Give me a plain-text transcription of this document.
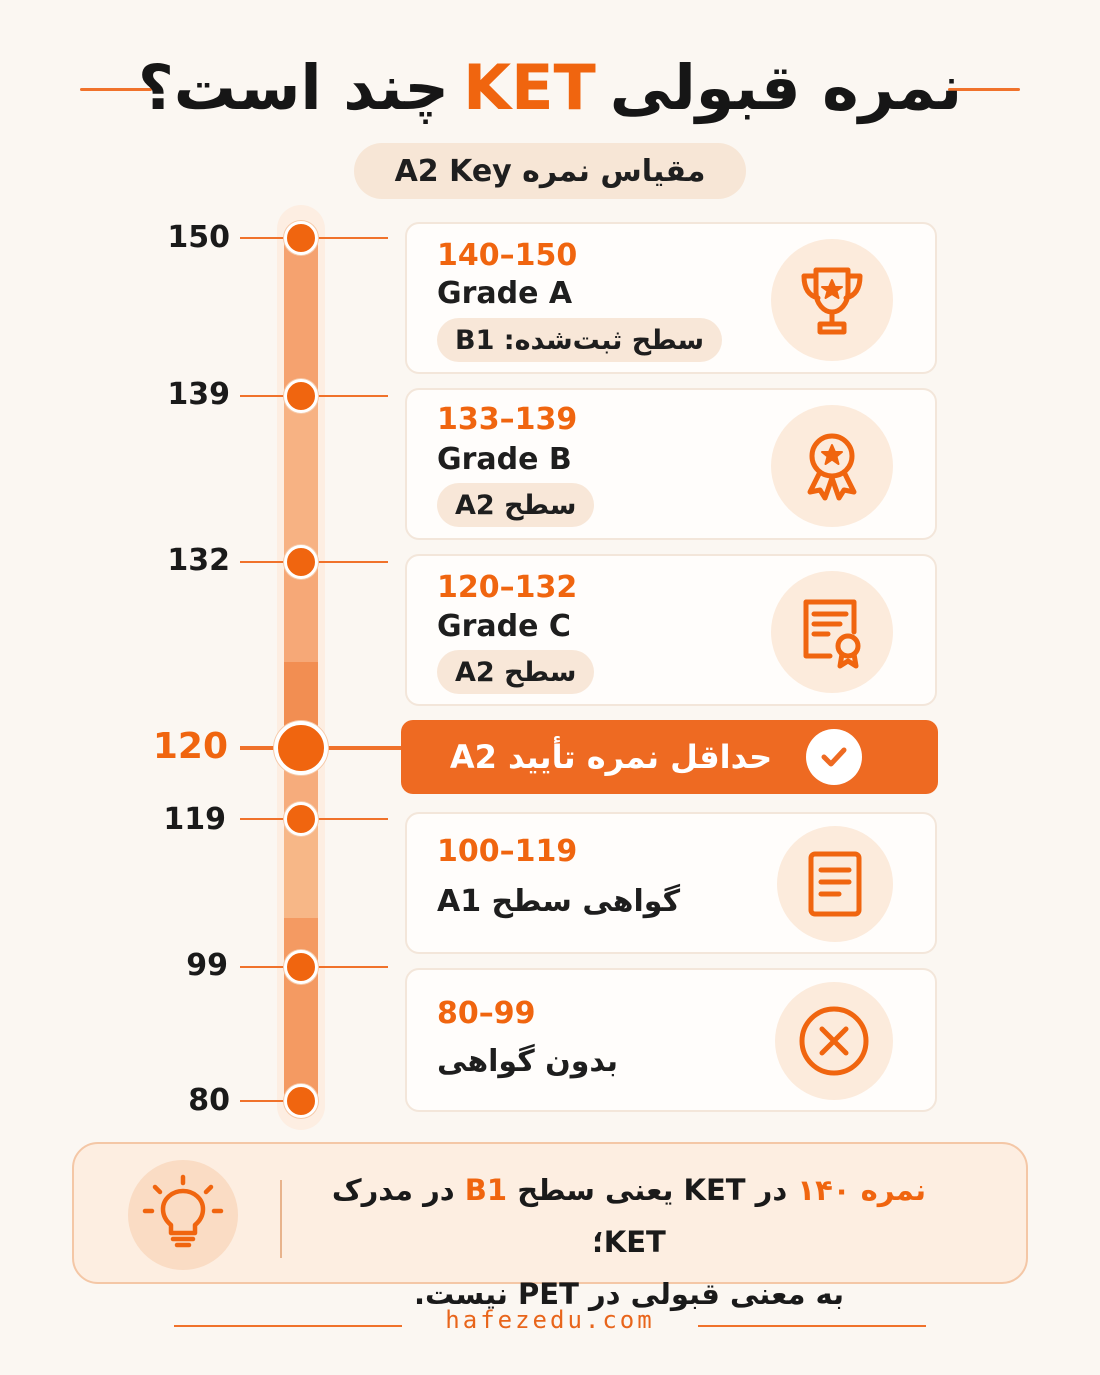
نمره قبولی
KET
چند است؟
مقیاس نمره A2 Key
150
139
132
120
119
99
80
140–150
Grade A
سطح ثبت‌شده: B1
133–139
Grade B
سطح A2
120–132
Grade C
سطح A2
حداقل نمره تأیید A2
100–119
گواهی سطح A1
80–99
بدون گواهی
نمره ۱۴۰ در KET یعنی سطح B1 در مدرک KET؛
به معنی قبولی در PET نیست.
hafezedu.com
